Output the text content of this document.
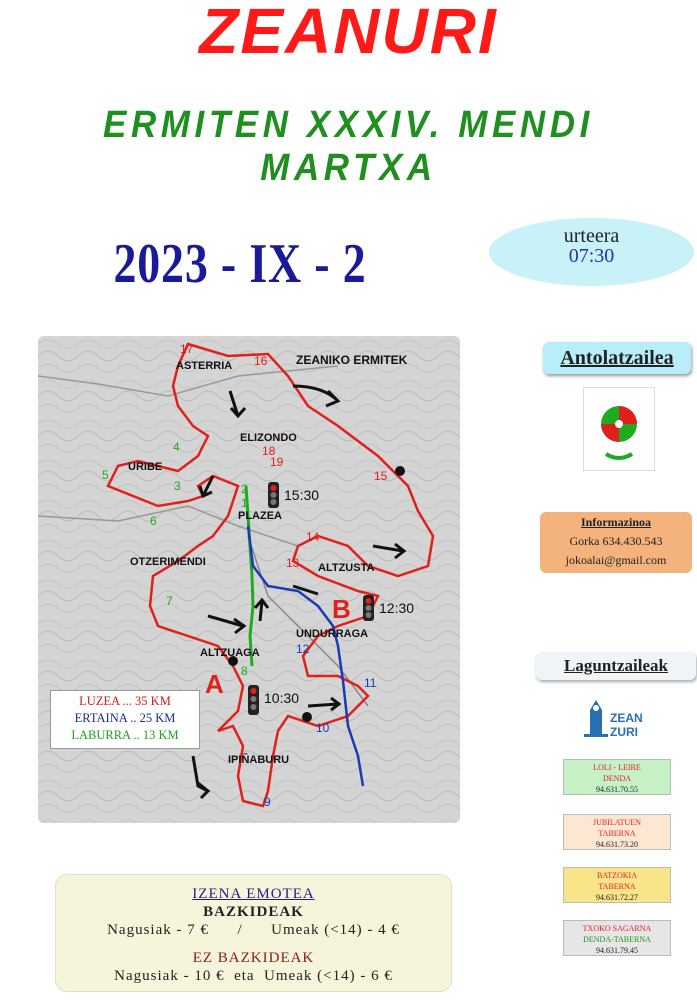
ZEANURI
ERMITEN XXXIV. MENDI MARTXA
2023 - IX - 2	urteera
07:30
ZEANIKO ERMITEK
ASTERRIA
ELIZONDO
URIBE
PLAZEA
OTZERIMENDI	ALTZUSTA
UNDURRAGA
ALTZUAGA
IPIÑABURU
15:30
B 12:30
A	10:30
17
16
18
19
15
14
13
4
5
3	2
1
6
7
8
12
11
10
9
LUZEA ... 35 KM
ERTAINA .. 25 KM
LABURRA .. 13 KM
Antolatzailea
Informazinoa
Gorka 634.430.543
jokoalai@gmail.com
Laguntzaileak
ZEAN
ZURI
LOLI - LEIRE
DENDA
94.631.70.55
JUBILATUEN
TABERNA
94.631.73.20
BATZOKIA
TABERNA
94.631.72.27
TXOKO SAGARNA
DENDA-TABERNA
94.631.79.45
IZENA EMOTEA
BAZKIDEAK
Nagusiak - 7 €      /      Umeak (<14) - 4 €
EZ BAZKIDEAK
Nagusiak - 10 €  eta  Umeak (<14) - 6 €
